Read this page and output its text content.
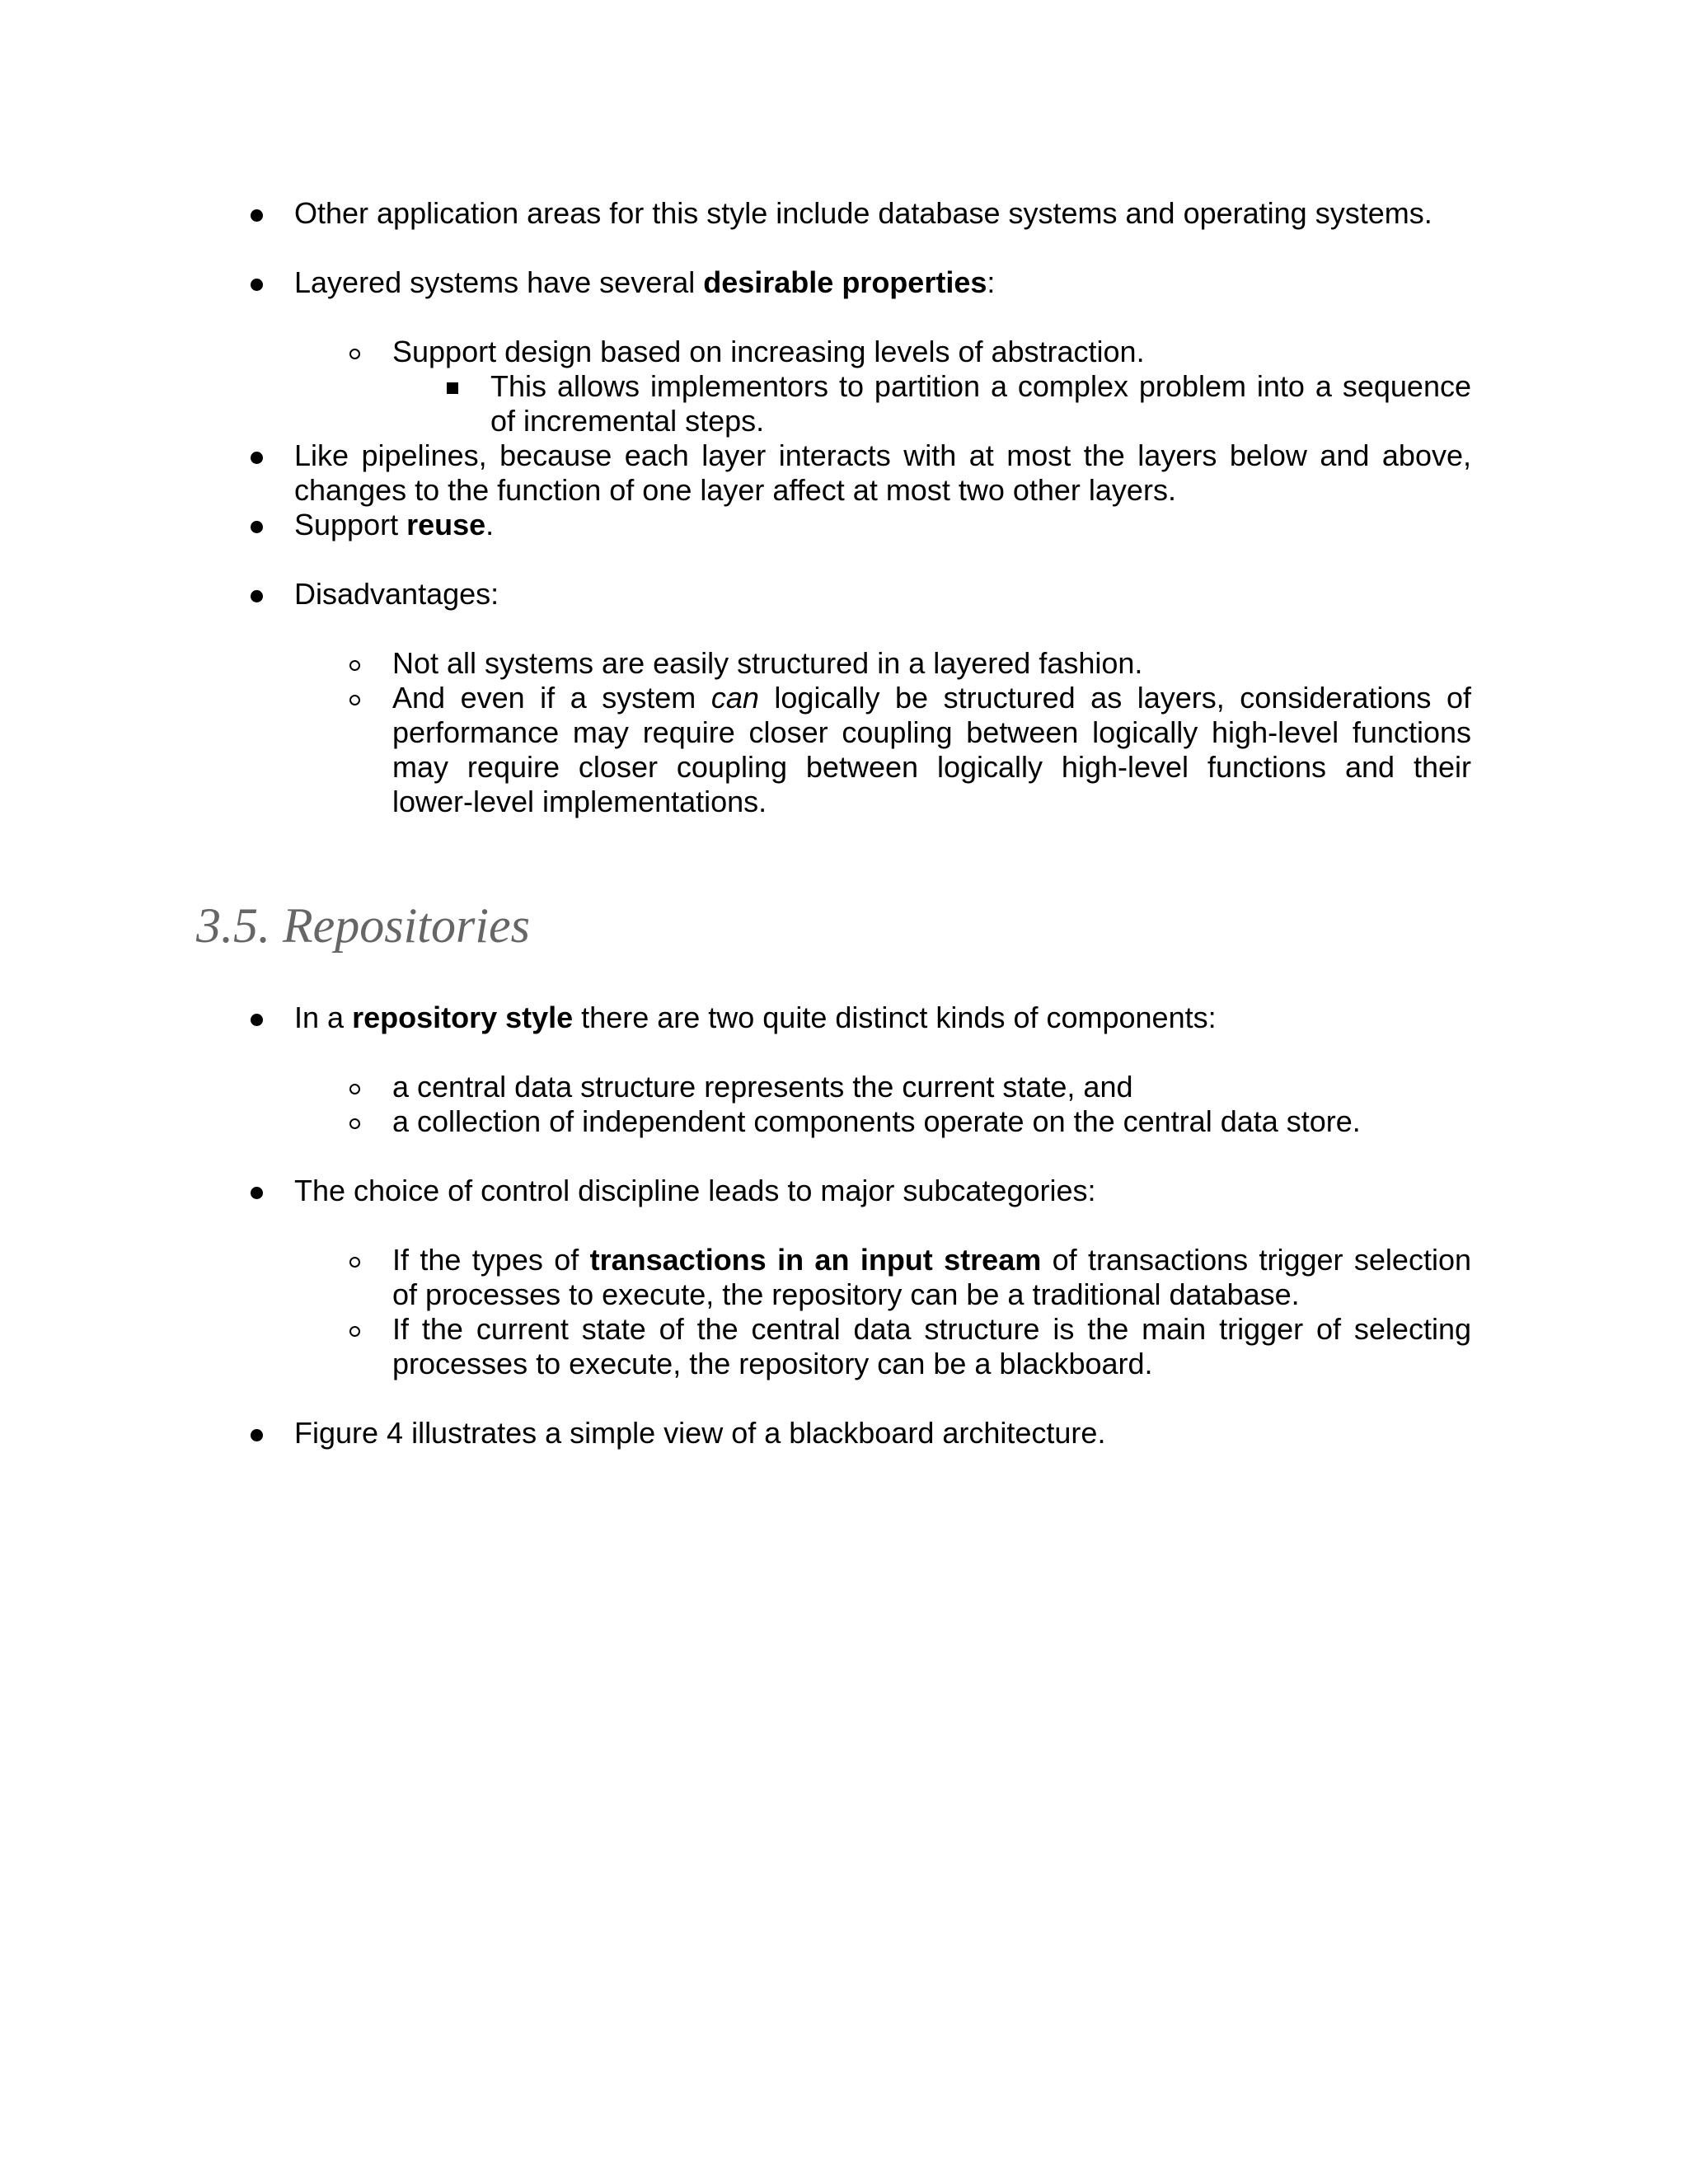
Other application areas for this style include database systems and operating systems.
Layered systems have several desirable properties:
Support design based on increasing levels of abstraction.
This allows implementors to partition a complex problem into a sequence
of incremental steps.
Like pipelines, because each layer interacts with at most the layers below and above,
changes to the function of one layer affect at most two other layers.
Support reuse.
Disadvantages:
Not all systems are easily structured in a layered fashion.
And even if a system can logically be structured as layers, considerations of
performance may require closer coupling between logically high-level functions
may require closer coupling between logically high-level functions and their
lower-level implementations.
3.5. Repositories
In a repository style there are two quite distinct kinds of components:
a central data structure represents the current state, and
a collection of independent components operate on the central data store.
The choice of control discipline leads to major subcategories:
If the types of transactions in an input stream of transactions trigger selection
of processes to execute, the repository can be a traditional database.
If the current state of the central data structure is the main trigger of selecting
processes to execute, the repository can be a blackboard.
Figure 4 illustrates a simple view of a blackboard architecture.
